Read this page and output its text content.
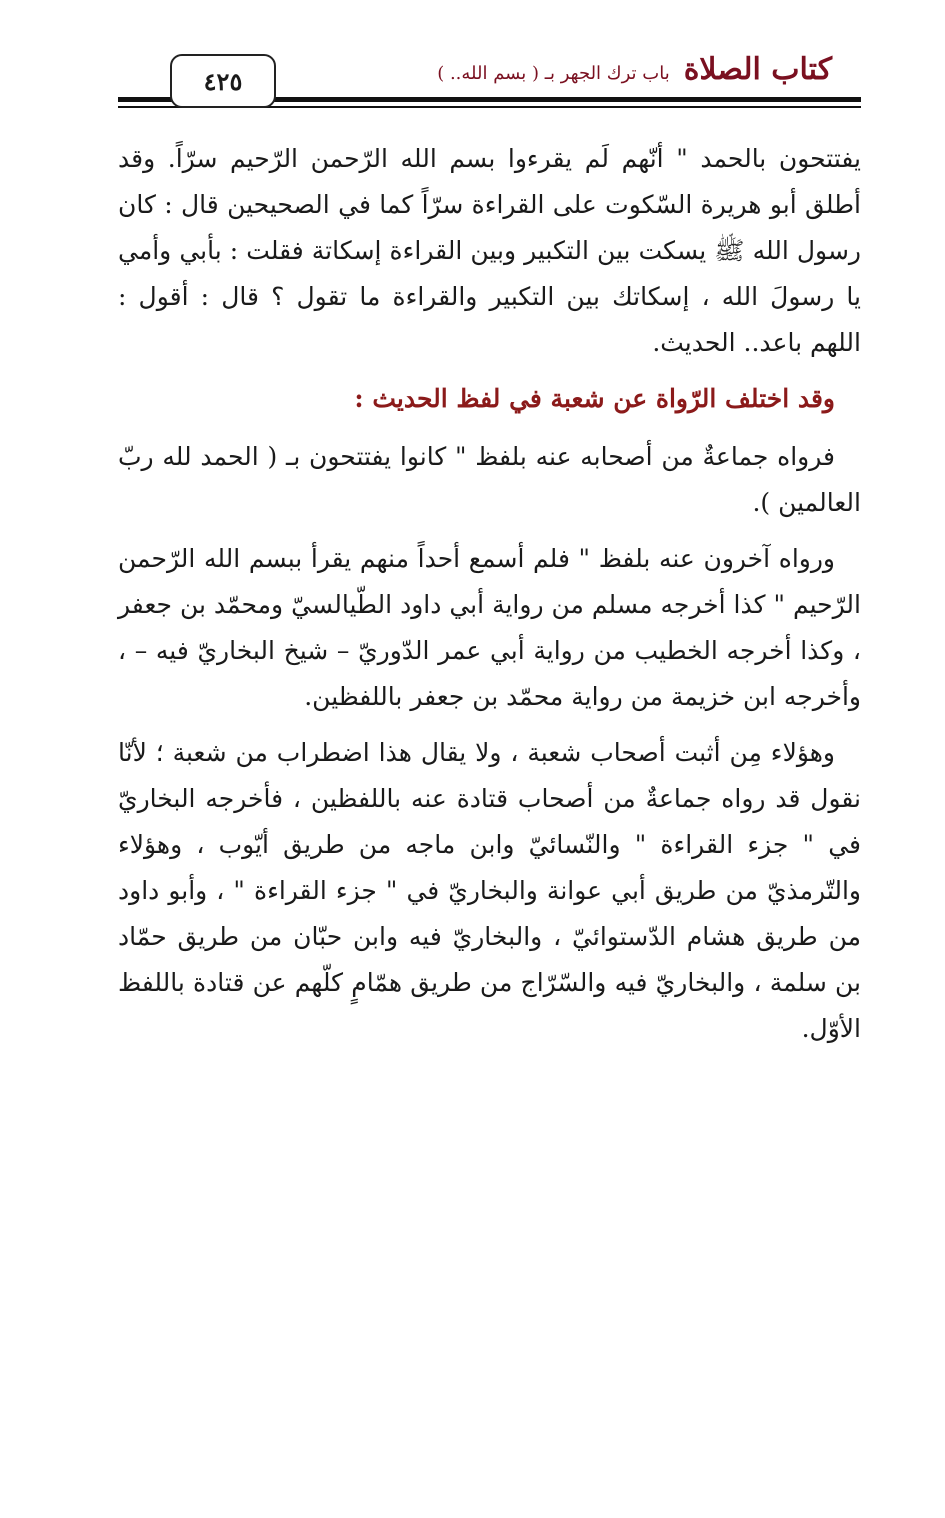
٤٢٥	كتاب الصلاة
باب ترك الجهر بـ ( بسم الله.. )

يفتتحون بالحمد " أنّهم لَم يقرءوا بسم الله الرّحمن الرّحيم سرّاً. وقد أطلق أبو هريرة السّكوت على القراءة سرّاً كما في الصحيحين قال : كان رسول الله ﷺ يسكت بين التكبير وبين القراءة إسكاتة فقلت : بأبي وأمي يا رسولَ الله ، إسكاتك بين التكبير والقراءة ما تقول ؟ قال : أقول : اللهم باعد.. الحديث.

وقد اختلف الرّواة عن شعبة في لفظ الحديث :

فرواه جماعةٌ من أصحابه عنه بلفظ " كانوا يفتتحون بـ ( الحمد لله ربّ العالمين ).

ورواه آخرون عنه بلفظ " فلم أسمع أحداً منهم يقرأ ببسم الله الرّحمن الرّحيم " كذا أخرجه مسلم من رواية أبي داود الطّيالسيّ ومحمّد بن جعفر ، وكذا أخرجه الخطيب من رواية أبي عمر الدّوريّ – شيخ البخاريّ فيه – ، وأخرجه ابن خزيمة من رواية محمّد بن جعفر باللفظين.

وهؤلاء مِن أثبت أصحاب شعبة ، ولا يقال هذا اضطراب من شعبة ؛ لأنّا نقول قد رواه جماعةٌ من أصحاب قتادة عنه باللفظين ، فأخرجه البخاريّ في " جزء القراءة " والنّسائيّ وابن ماجه من طريق أيّوب ، وهؤلاء والتّرمذيّ من طريق أبي عوانة والبخاريّ في " جزء القراءة " ، وأبو داود من طريق هشام الدّستوائيّ ، والبخاريّ فيه وابن حبّان من طريق حمّاد بن سلمة ، والبخاريّ فيه والسّرّاج من طريق همّامٍ كلّهم عن قتادة باللفظ الأوّل.
